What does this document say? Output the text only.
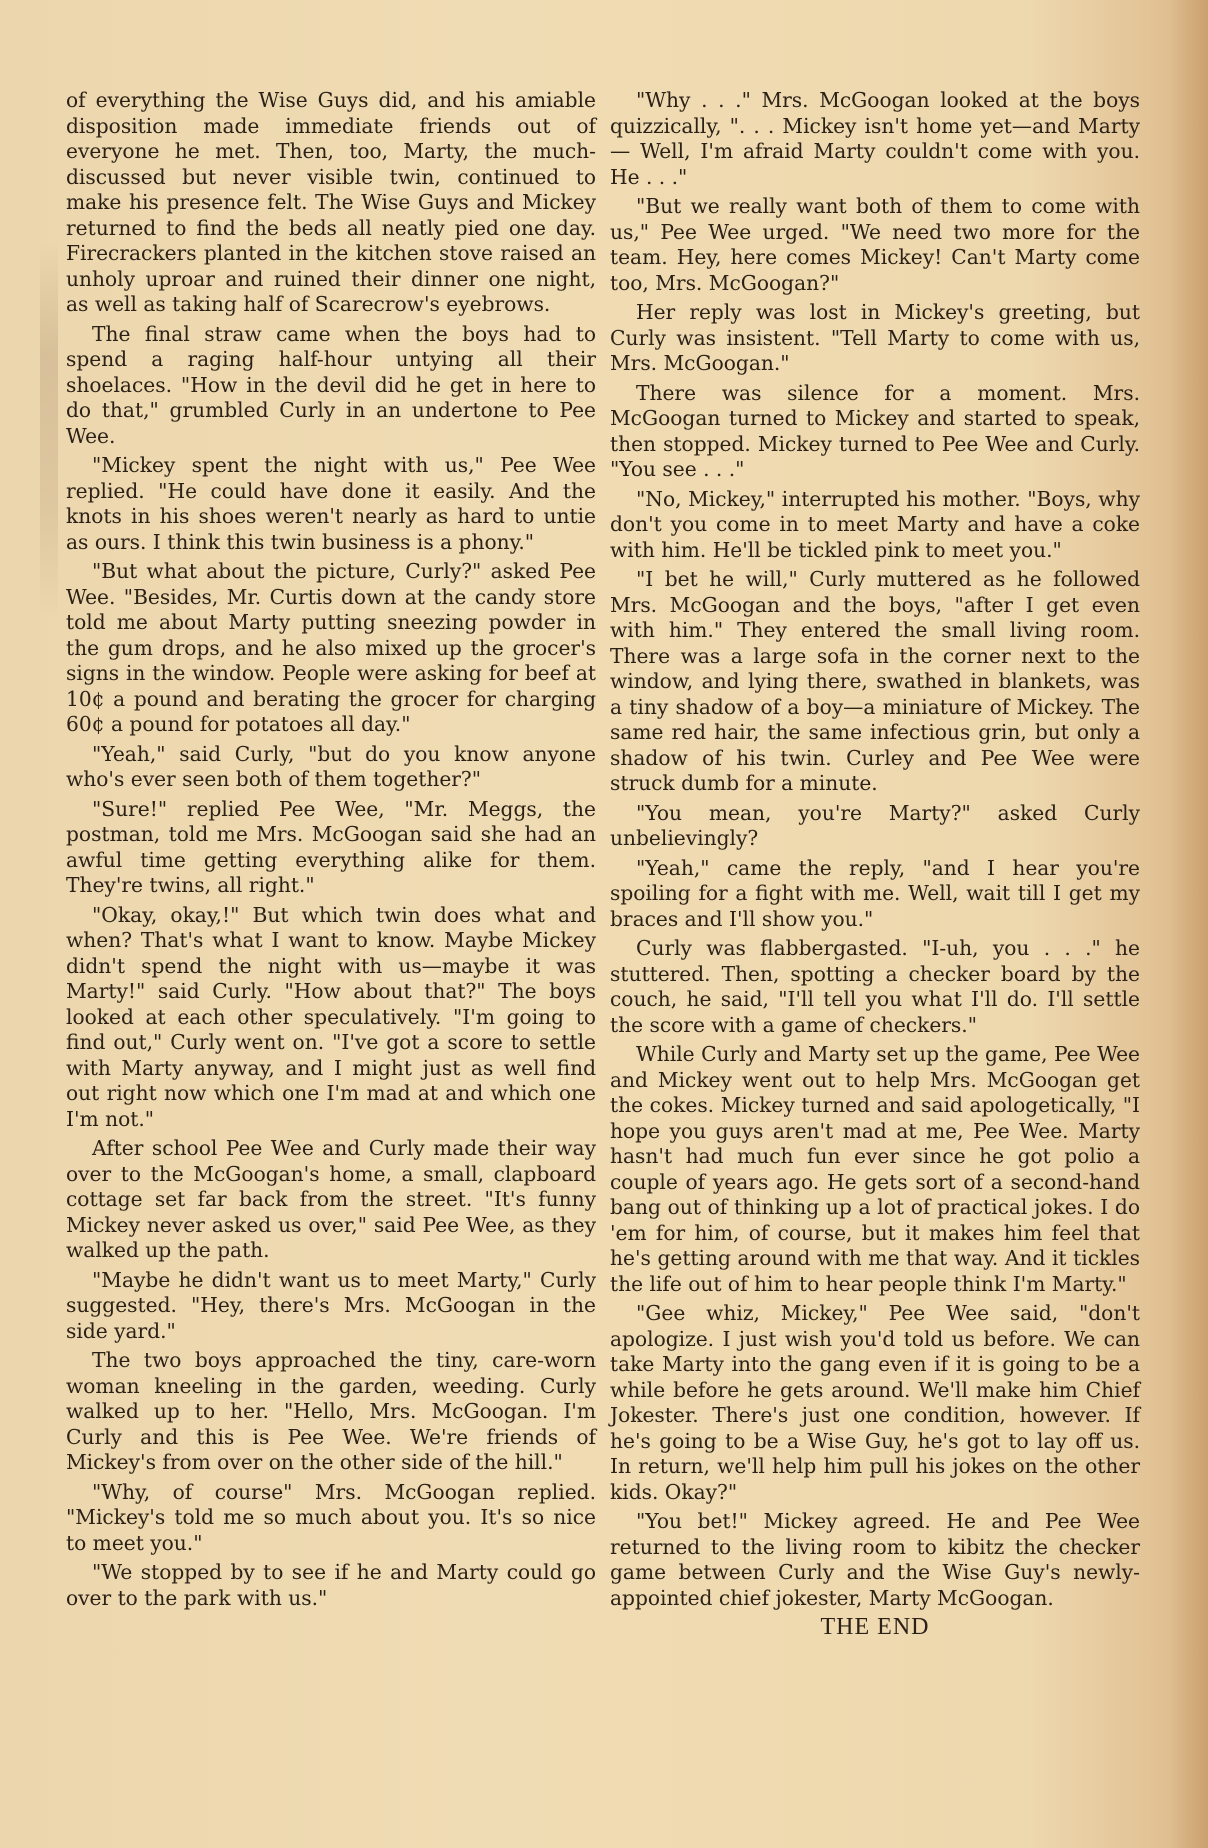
of everything the Wise Guys did, and his amiable disposition made immediate friends out of everyone he met. Then, too, Marty, the much-discussed but never visible twin, continued to make his presence felt. The Wise Guys and Mickey returned to find the beds all neatly pied one day. Firecrackers planted in the kitchen stove raised an unholy uproar and ruined their dinner one night, as well as taking half of Scarecrow's eyebrows.

The final straw came when the boys had to spend a raging half-hour untying all their shoelaces. "How in the devil did he get in here to do that," grumbled Curly in an undertone to Pee Wee.

"Mickey spent the night with us," Pee Wee replied. "He could have done it easily. And the knots in his shoes weren't nearly as hard to untie as ours. I think this twin business is a phony."

"But what about the picture, Curly?" asked Pee Wee. "Besides, Mr. Curtis down at the candy store told me about Marty putting sneezing powder in the gum drops, and he also mixed up the grocer's signs in the window. People were asking for beef at 10¢ a pound and berating the grocer for charging 60¢ a pound for potatoes all day."

"Yeah," said Curly, "but do you know anyone who's ever seen both of them together?"

"Sure!" replied Pee Wee, "Mr. Meggs, the postman, told me Mrs. McGoogan said she had an awful time getting everything alike for them. They're twins, all right."

"Okay, okay,!" But which twin does what and when? That's what I want to know. Maybe Mickey didn't spend the night with us—maybe it was Marty!" said Curly. "How about that?" The boys looked at each other speculatively. "I'm going to find out," Curly went on. "I've got a score to settle with Marty anyway, and I might just as well find out right now which one I'm mad at and which one I'm not."

After school Pee Wee and Curly made their way over to the McGoogan's home, a small, clapboard cottage set far back from the street. "It's funny Mickey never asked us over," said Pee Wee, as they walked up the path.

"Maybe he didn't want us to meet Marty," Curly suggested. "Hey, there's Mrs. McGoogan in the side yard."

The two boys approached the tiny, care-worn woman kneeling in the garden, weeding. Curly walked up to her. "Hello, Mrs. McGoogan. I'm Curly and this is Pee Wee. We're friends of Mickey's from over on the other side of the hill."

"Why, of course" Mrs. McGoogan replied. "Mickey's told me so much about you. It's so nice to meet you."

"We stopped by to see if he and Marty could go over to the park with us."

"Why . . ." Mrs. McGoogan looked at the boys quizzically, ". . . Mickey isn't home yet—and Marty — Well, I'm afraid Marty couldn't come with you. He . . ."

"But we really want both of them to come with us," Pee Wee urged. "We need two more for the team. Hey, here comes Mickey! Can't Marty come too, Mrs. McGoogan?"

Her reply was lost in Mickey's greeting, but Curly was insistent. "Tell Marty to come with us, Mrs. McGoogan."

There was silence for a moment. Mrs. McGoogan turned to Mickey and started to speak, then stopped. Mickey turned to Pee Wee and Curly. "You see . . ."

"No, Mickey," interrupted his mother. "Boys, why don't you come in to meet Marty and have a coke with him. He'll be tickled pink to meet you."

"I bet he will," Curly muttered as he followed Mrs. McGoogan and the boys, "after I get even with him." They entered the small living room. There was a large sofa in the corner next to the window, and lying there, swathed in blankets, was a tiny shadow of a boy—a miniature of Mickey. The same red hair, the same infectious grin, but only a shadow of his twin. Curley and Pee Wee were struck dumb for a minute.

"You mean, you're Marty?" asked Curly unbelievingly?

"Yeah," came the reply, "and I hear you're spoiling for a fight with me. Well, wait till I get my braces and I'll show you."

Curly was flabbergasted. "I-uh, you . . ." he stuttered. Then, spotting a checker board by the couch, he said, "I'll tell you what I'll do. I'll settle the score with a game of checkers."

While Curly and Marty set up the game, Pee Wee and Mickey went out to help Mrs. McGoogan get the cokes. Mickey turned and said apologetically, "I hope you guys aren't mad at me, Pee Wee. Marty hasn't had much fun ever since he got polio a couple of years ago. He gets sort of a second-hand bang out of thinking up a lot of practical jokes. I do 'em for him, of course, but it makes him feel that he's getting around with me that way. And it tickles the life out of him to hear people think I'm Marty."

"Gee whiz, Mickey," Pee Wee said, "don't apologize. I just wish you'd told us before. We can take Marty into the gang even if it is going to be a while before he gets around. We'll make him Chief Jokester. There's just one condition, however. If he's going to be a Wise Guy, he's got to lay off us. In return, we'll help him pull his jokes on the other kids. Okay?"

"You bet!" Mickey agreed. He and Pee Wee returned to the living room to kibitz the checker game between Curly and the Wise Guy's newly-appointed chief jokester, Marty McGoogan.

THE END
